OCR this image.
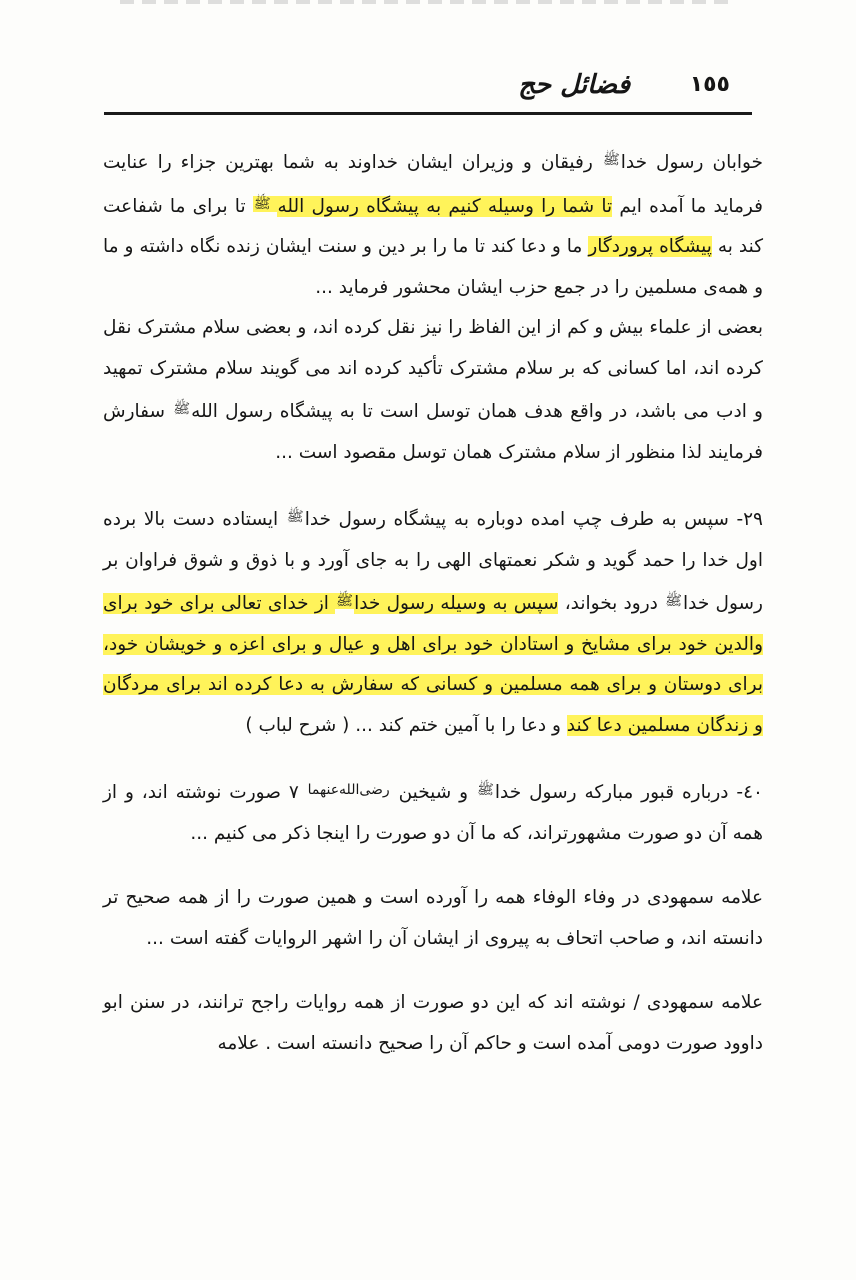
١٥٥
فضائل حج

خوابان رسول خدا$^ﷺ$ رفیقان و وزیران ایشان خداوند به شما بهترین جزاء را عنایت فرماید ما آمده ایم تا شما را وسیله کنیم به پیشگاه رسول الله $^ﷺ$ تا برای ما شفاعت کند به پیشگاه پروردگار ما و دعا کند تا ما را بر دین و سنت ایشان زنده نگاه داشته و ما و همه‌ی مسلمین را در جمع حزب ایشان محشور فرماید ...

بعضی از علماء بیش و کم از این الفاظ را نیز نقل کرده اند، و بعضی سلام مشترک نقل کرده اند، اما کسانی که بر سلام مشترک تأکید کرده اند می گویند سلام مشترک تمهید و ادب می باشد، در واقع هدف همان توسل است تا به پیشگاه رسول الله$^ﷺ$ سفارش فرمایند لذا منظور از سلام مشترک همان توسل مقصود است ...

٢٩- سپس به طرف چپ امده دوباره به پیشگاه رسول خدا$^ﷺ$ ایستاده دست بالا برده اول خدا را حمد گوید و شکر نعمتهای الهی را به جای آورد و با ذوق و شوق فراوان بر رسول خدا$^ﷺ$ درود بخواند، سپس به وسیله رسول خدا$^ﷺ$ از خدای تعالی برای خود برای والدین خود برای مشایخ و استادان خود برای اهل و عیال و برای اعزه و خویشان خود، برای دوستان و برای همه مسلمین و کسانی که سفارش به دعا کرده اند برای مردگان و زندگان مسلمین دعا کند و دعا را با آمین ختم کند ... ( شرح لباب )

٤٠- درباره قبور مبارکه رسول خدا$^ﷺ$ و شیخین $^{رضی‌الله‌عنهما}$ ٧ صورت نوشته اند، و از همه آن دو صورت مشهورتراند، که ما آن دو صورت را اینجا ذکر می کنیم ...

علامه سمهودی در وفاء الوفاء همه را آورده است و همین صورت را از همه صحیح تر دانسته اند، و صاحب اتحاف به پیروی از ایشان آن را اشهر الروایات گفته است ...

علامه سمهودی / نوشته اند که این دو صورت از همه روایات راجح ترانند، در سنن ابو داوود صورت دومی آمده است و حاکم آن را صحیح دانسته است . علامه
